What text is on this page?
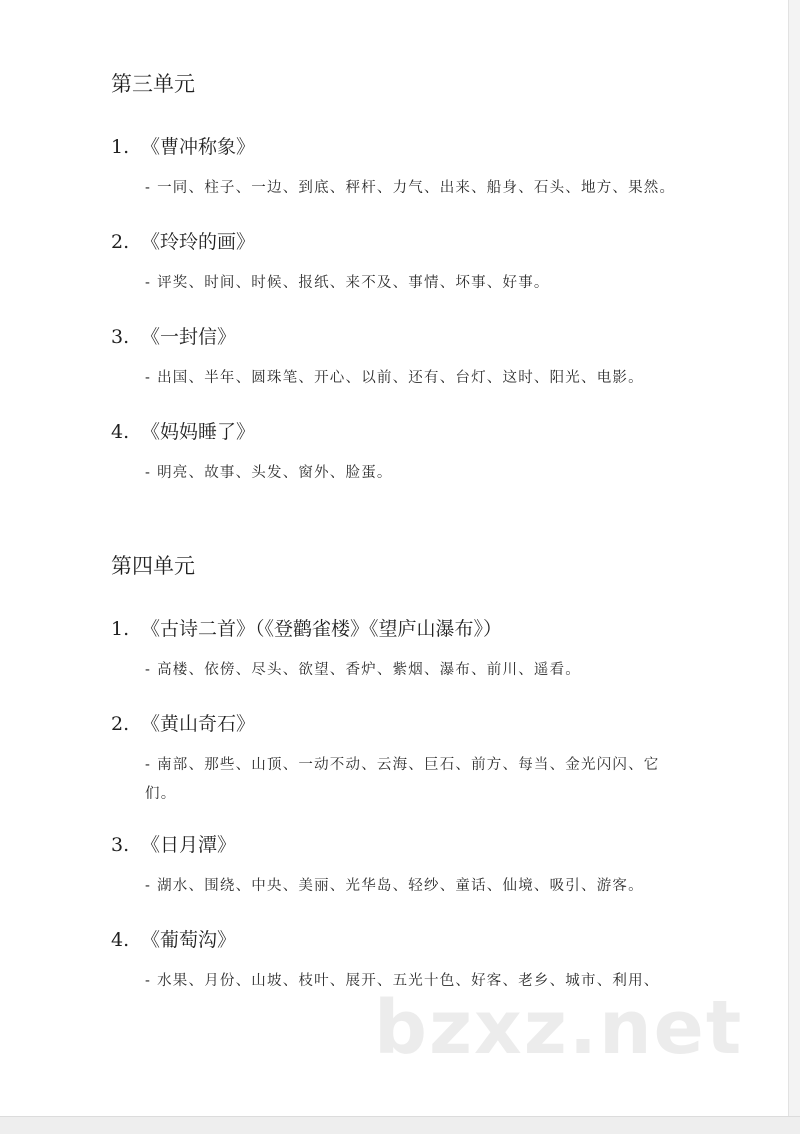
第三单元
1. 《曹冲称象》
- 一同、柱子、一边、到底、秤杆、力气、出来、船身、石头、地方、果然。
2. 《玲玲的画》
- 评奖、时间、时候、报纸、来不及、事情、坏事、好事。
3. 《一封信》
- 出国、半年、圆珠笔、开心、以前、还有、台灯、这时、阳光、电影。
4. 《妈妈睡了》
- 明亮、故事、头发、窗外、脸蛋。
第四单元
1. 《古诗二首》（《登鹳雀楼》《望庐山瀑布》）
- 高楼、依傍、尽头、欲望、香炉、紫烟、瀑布、前川、遥看。
2. 《黄山奇石》
- 南部、那些、山顶、一动不动、云海、巨石、前方、每当、金光闪闪、它们。
3. 《日月潭》
- 湖水、围绕、中央、美丽、光华岛、轻纱、童话、仙境、吸引、游客。
4. 《葡萄沟》
- 水果、月份、山坡、枝叶、展开、五光十色、好客、老乡、城市、利用、
bzxz.net
